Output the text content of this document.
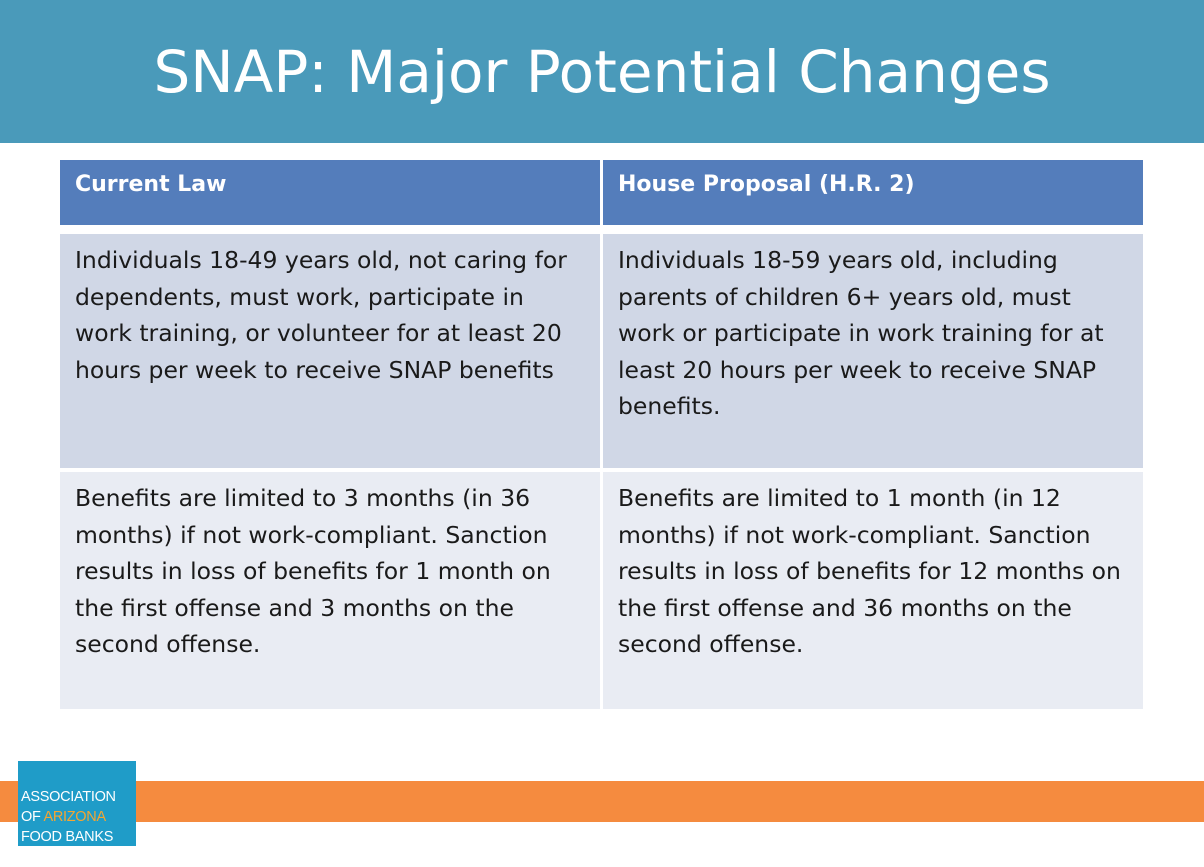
SNAP: Major Potential Changes
Current Law	House Proposal (H.R. 2)
Individuals 18-49 years old, not caring for dependents, must work, participate in work training, or volunteer for at least 20 hours per week to receive SNAP benefits
Individuals 18-59 years old, including parents of children 6+ years old, must work or participate in work training for at least 20 hours per week to receive SNAP benefits.
Benefits are limited to 3 months (in 36 months) if not work-compliant. Sanction results in loss of benefits for 1 month on the first offense and 3 months on the second offense.
Benefits are limited to 1 month (in 12 months) if not work-compliant. Sanction results in loss of benefits for 12 months on the first offense and 36 months on the second offense.
ASSOCIATION
OF ARIZONA
FOOD BANKS
